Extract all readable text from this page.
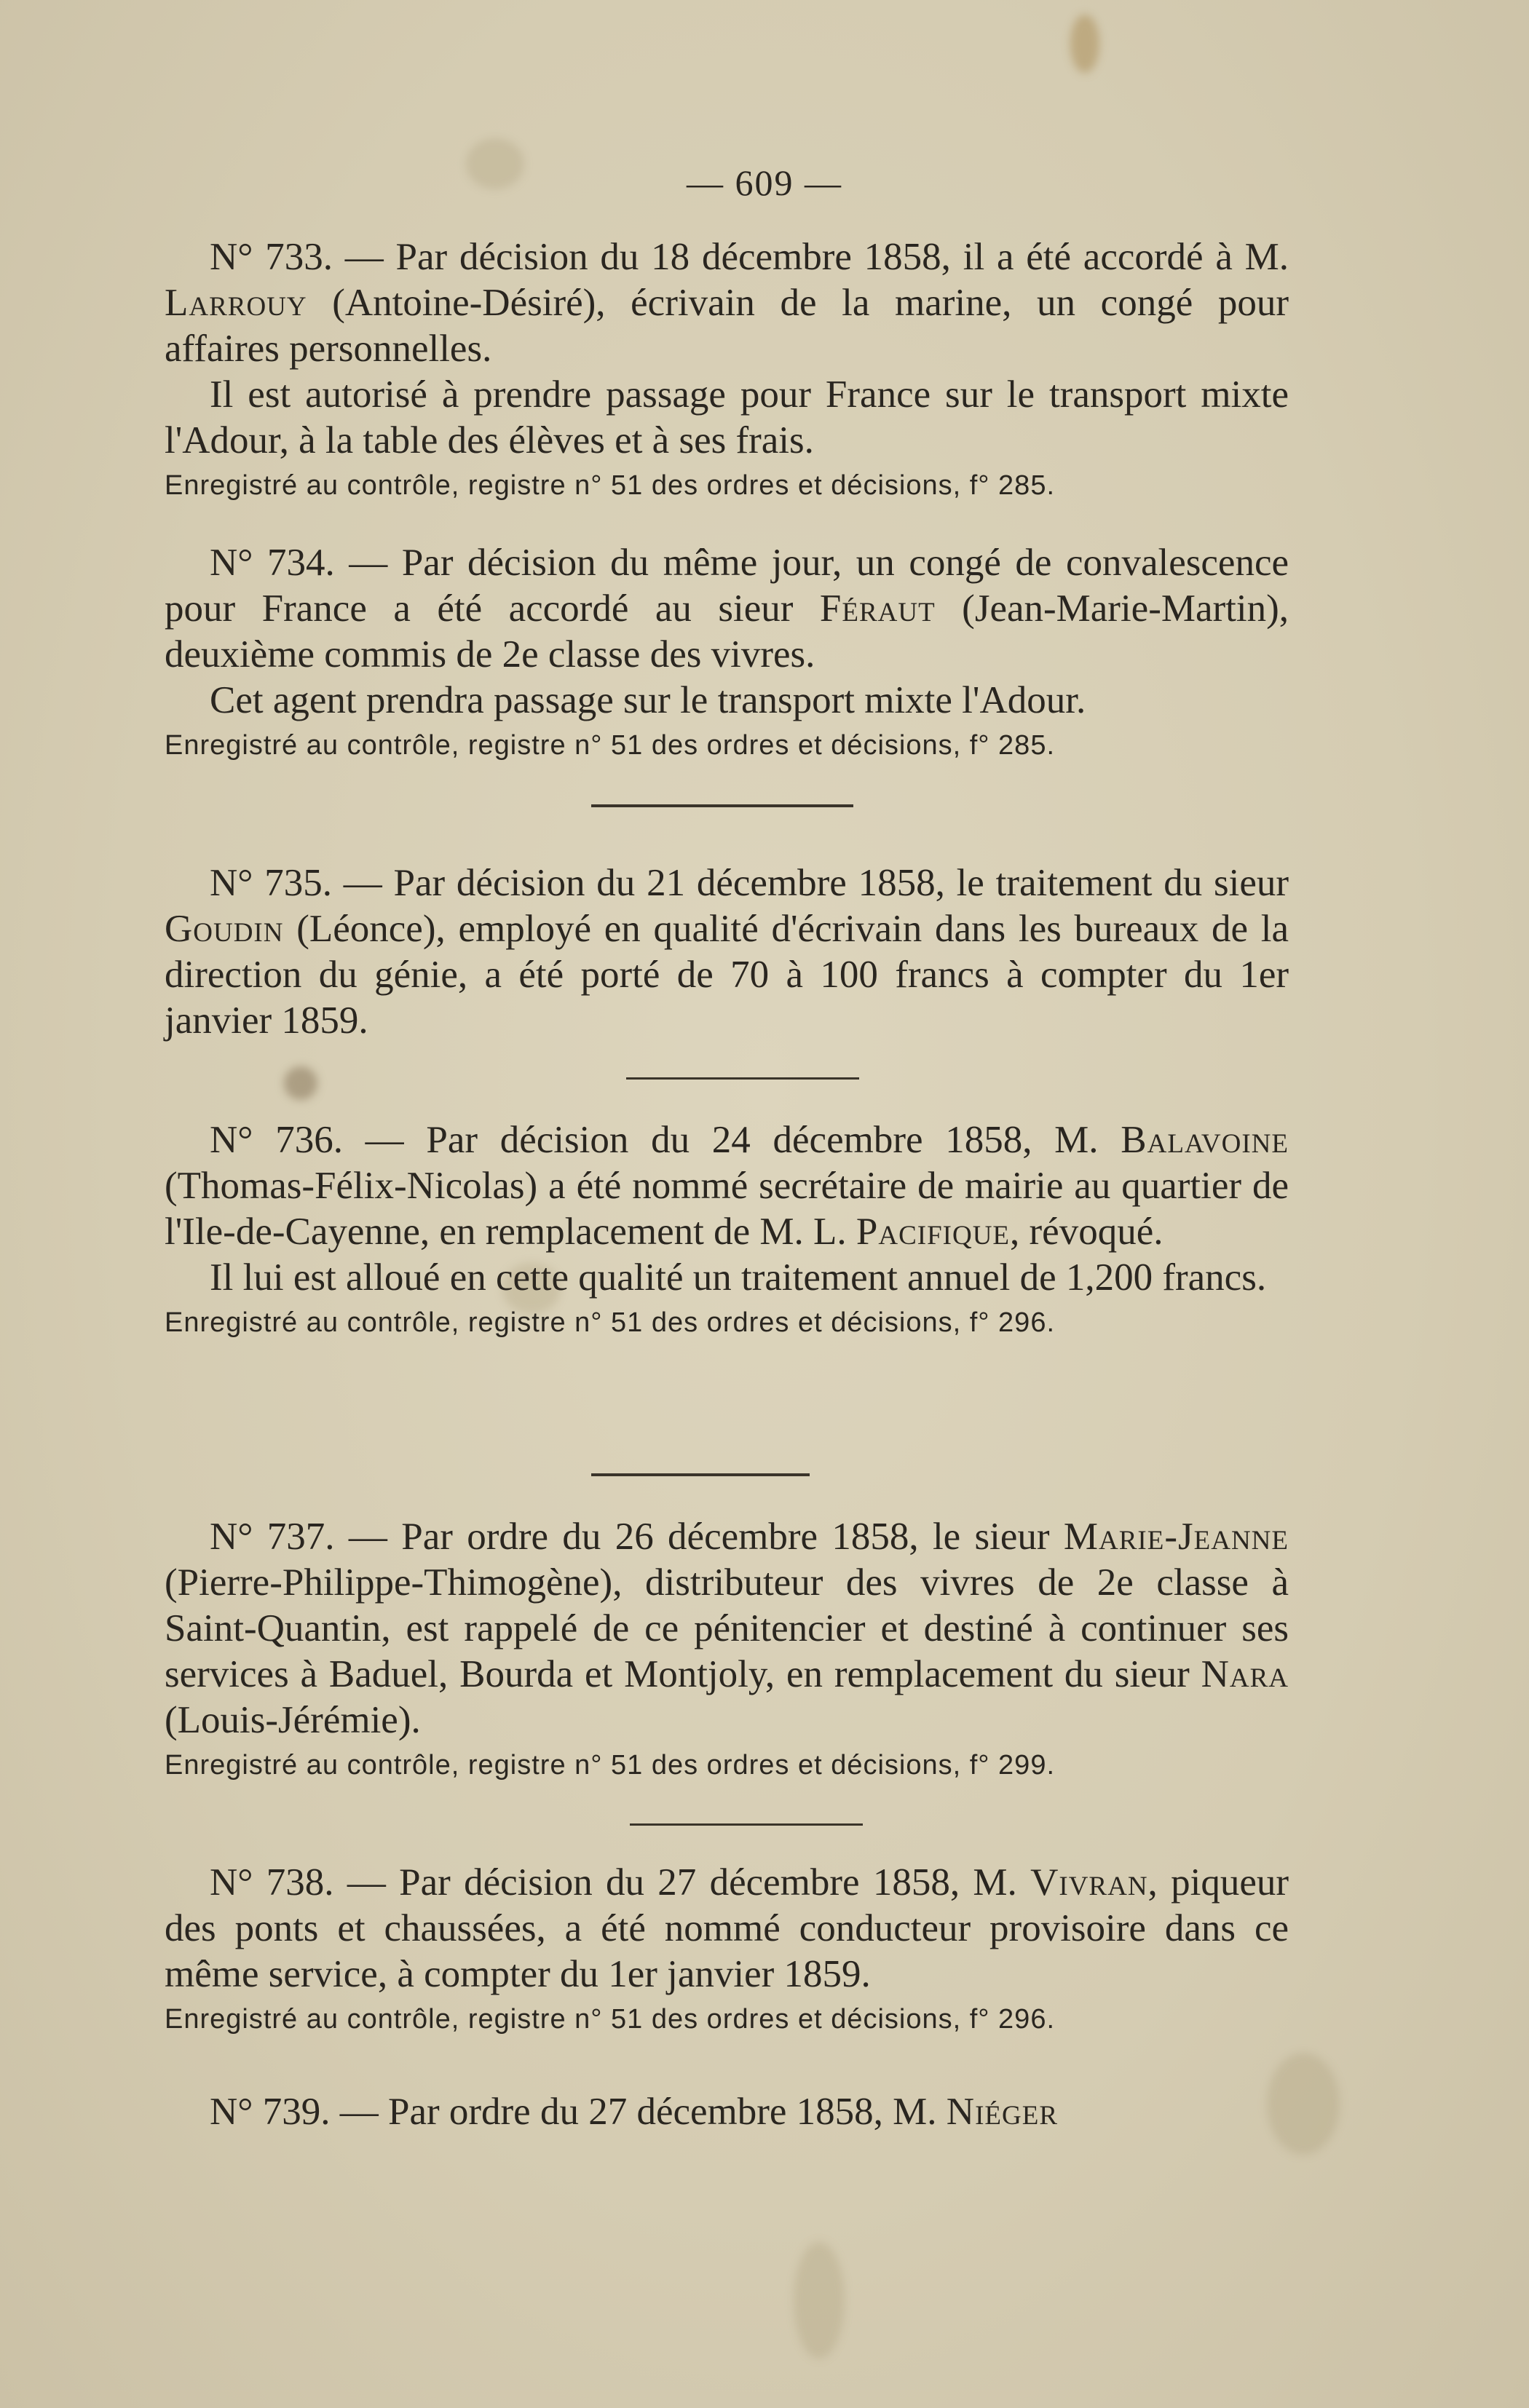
— 609 —

N° 733. — Par décision du 18 décembre 1858, il a été accordé à M. Larrouy (Antoine-Désiré), écrivain de la marine, un congé pour affaires personnelles.

Il est autorisé à prendre passage pour France sur le transport mixte l'Adour, à la table des élèves et à ses frais.

Enregistré au contrôle, registre n° 51 des ordres et décisions, f° 285.

N° 734. — Par décision du même jour, un congé de convalescence pour France a été accordé au sieur Féraut (Jean-Marie-Martin), deuxième commis de 2e classe des vivres.

Cet agent prendra passage sur le transport mixte l'Adour.

Enregistré au contrôle, registre n° 51 des ordres et décisions, f° 285.

N° 735. — Par décision du 21 décembre 1858, le traitement du sieur Goudin (Léonce), employé en qualité d'écrivain dans les bureaux de la direction du génie, a été porté de 70 à 100 francs à compter du 1er janvier 1859.

N° 736. — Par décision du 24 décembre 1858, M. Balavoine (Thomas-Félix-Nicolas) a été nommé secrétaire de mairie au quartier de l'Ile-de-Cayenne, en remplacement de M. L. Pacifique, révoqué.

Il lui est alloué en cette qualité un traitement annuel de 1,200 francs.

Enregistré au contrôle, registre n° 51 des ordres et décisions, f° 296.

N° 737. — Par ordre du 26 décembre 1858, le sieur Marie-Jeanne (Pierre-Philippe-Thimogène), distributeur des vivres de 2e classe à Saint-Quantin, est rappelé de ce pénitencier et destiné à continuer ses services à Baduel, Bourda et Montjoly, en remplacement du sieur Nara (Louis-Jérémie).

Enregistré au contrôle, registre n° 51 des ordres et décisions, f° 299.

N° 738. — Par décision du 27 décembre 1858, M. Vivran, piqueur des ponts et chaussées, a été nommé conducteur provisoire dans ce même service, à compter du 1er janvier 1859.

Enregistré au contrôle, registre n° 51 des ordres et décisions, f° 296.

N° 739. — Par ordre du 27 décembre 1858, M. Niéger
